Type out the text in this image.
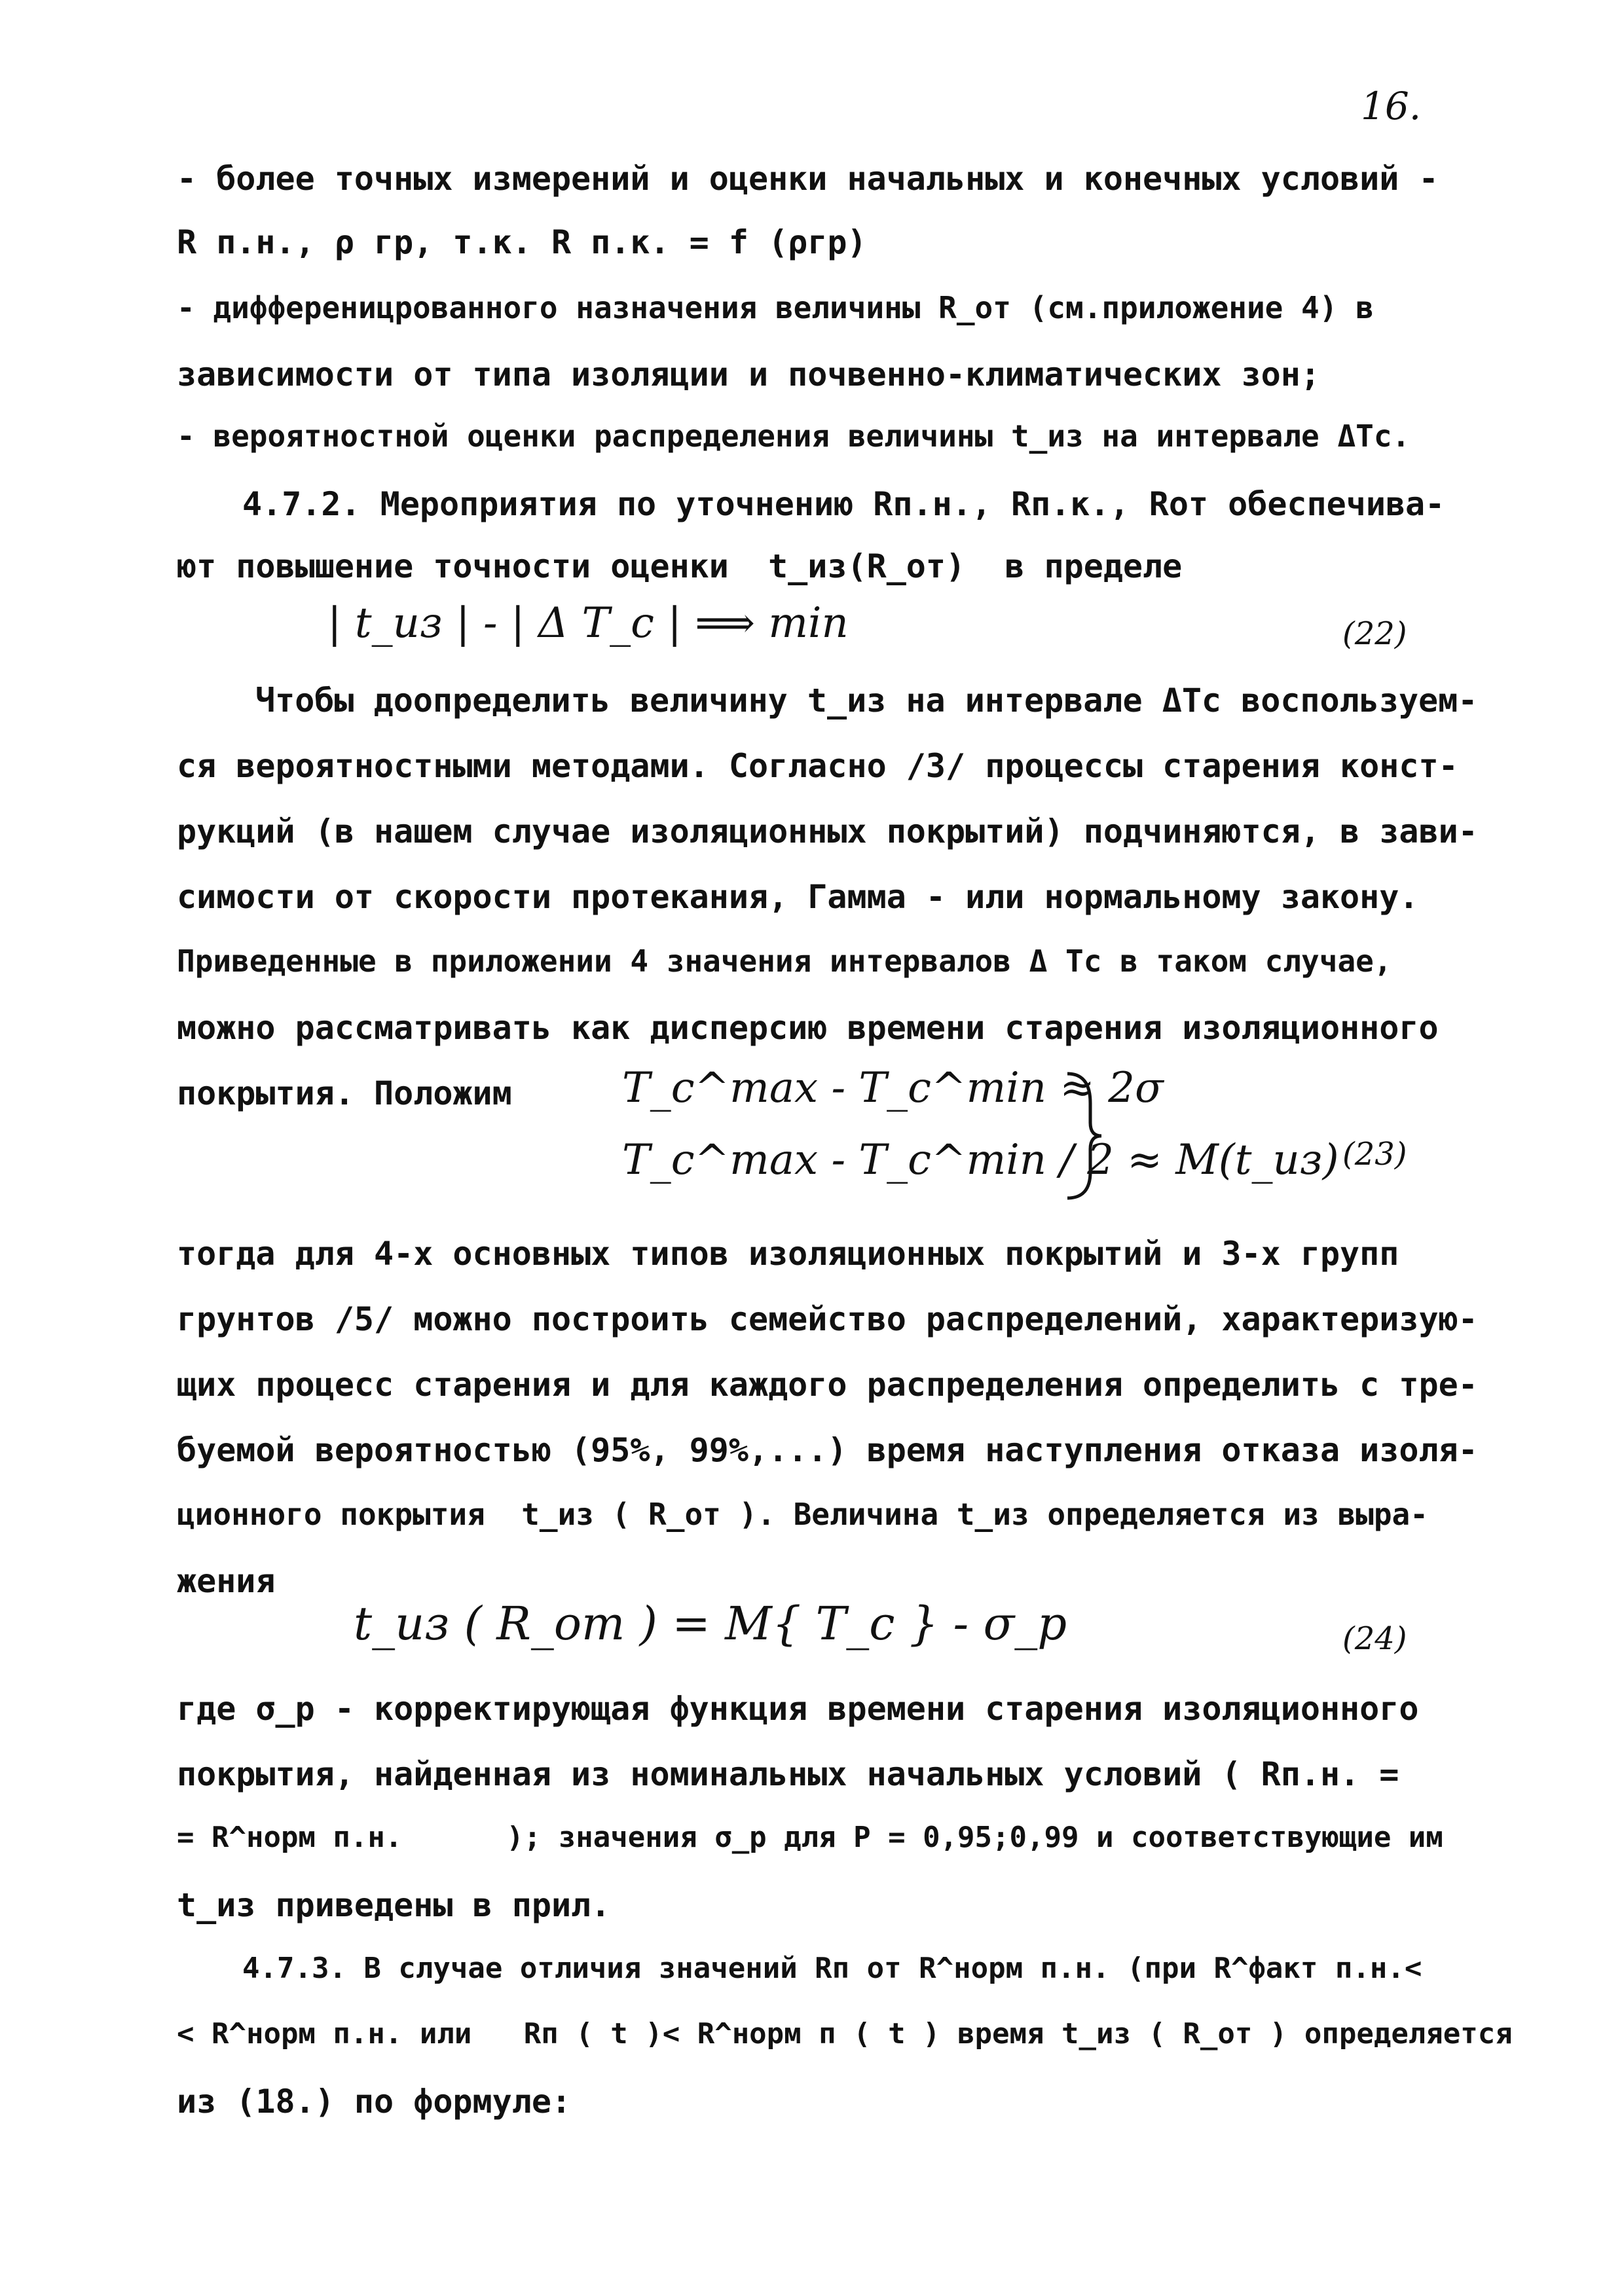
16.
- более точных измерений и оценки начальных и конечных условий -
R п.н., ρ гр, т.к. R п.к. = f (ρгр)
- дифференицрованного назначения величины R_от (см.приложение 4) в
зависимости от типа изоляции и почвенно-климатических зон;
- вероятностной оценки распределения величины t_из на интервале ΔTc.
4.7.2. Мероприятия по уточнению Rп.н., Rп.к., Rот обеспечива-
ют повышение точности оценки  t_из(R_от)  в пределе
| t_из | - | Δ T_c | ⟹ min	(22)
Чтобы доопределить величину t_из на интервале ΔTc воспользуем-
ся вероятностными методами. Согласно /3/ процессы старения конст-
рукций (в нашем случае изоляционных покрытий) подчиняются, в зави-
симости от скорости протекания, Гамма - или нормальному закону.
Приведенные в приложении 4 значения интервалов Δ Tc в таком случае,
можно рассматривать как дисперсию времени старения изоляционного
покрытия. Положим	T_c^max - T_c^min ≈ 2σ
T_c^max - T_c^min / 2 ≈ M(t_из) (23)
тогда для 4-х основных типов изоляционных покрытий и 3-х групп
грунтов /5/ можно построить семейство распределений, характеризую-
щих процесс старения и для каждого распределения определить с тре-
буемой вероятностью (95%, 99%,...) время наступления отказа изоля-
ционного покрытия  t_из ( R_от ). Величина t_из определяется из выра-
жения
t_из ( R_от ) = M{ T_c } - σ_p	(24)
где σ_p - корректирующая функция времени старения изоляционного
покрытия, найденная из номинальных начальных условий ( Rп.н. =
= R^норм п.н.      ); значения σ_p для P = 0,95;0,99 и соответствующие им
t_из приведены в прил.
4.7.3. В случае отличия значений Rп от R^норм п.н. (при R^факт п.н.<
< R^норм п.н. или   Rп ( t )< R^норм п ( t ) время t_из ( R_от ) определяется
из (18.) по формуле:
